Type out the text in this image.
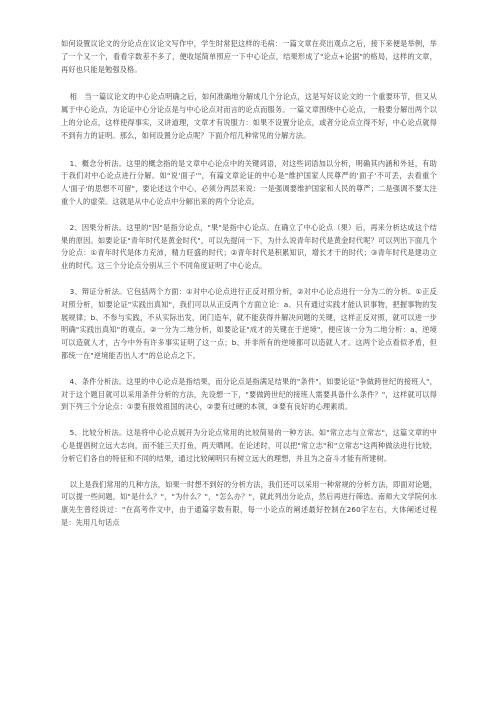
如何设置议论文的分论点在议论文写作中，学生时常犯这样的毛病：一篇文章在亮出观点之后，接下来便是举例，举了一个又一个，看看字数差不多了，便收尾简单照应一下中心论点，结果形成了"论点+论据"的格局，这样的文章，再好也只能是勉强及格。

相　当一篇议论文的中心论点明确之后，如何准确地分解成几个分论点，这是写好议论文的一个重要环节，但又从属于中心论点，为论证中心分论点是与中心论点对而言的论点而服务。一篇文章围绕中心论点，一般要分解出两个以上的分论点，这样使得事实，又讲道理，文章才有说服力：如果不设置分论点，或者分论点立得不好，中心论点就得不到有力的证明。那么，如何设置分论点呢？下面介绍几种常见的分解方法。

1、概念分析法。这里的概念指的是文章中心论点中的关键词语，对这些词语加以分析，明确其内涵和外延，有助于我们对中心论点进行分解。如"说'面子'"，有篇文章论证的中心是"维护国家人民尊严的'面子'不可丢，去看重个人'面子'的思想不可留"，要论述这个中心，必须分两层来说：一是强调要维护国家和人民的尊严；二是强调不要太注重个人的虚荣。这就是从中心论点中分解出来的两个分论点。

2、因果分析法。这里的"因"是指分论点，"果"是指中心论点。在确立了中心论点（果）后，再来分析达成这个结果的原因。如要论证"青年时代是黄金时代"，可以先提问一下，为什么说青年时代是黄金时代呢？可以列出下面几个分论点：①青年时代是体力充沛，精力旺盛的时代；②青年时代是积累知识，增长才干的时代；③青年时代是建功立业的时代。这三个分论点分别从三个不同角度证明了中心论点。

3、辩证分析法。它包括两个方面：①对中心论点进行正反对照分析，②对中心论点进行一分为二的分析。①正反对照分析，如要论证"实践出真知"，我们可以从正反两个方面立论：a、只有通过实践才能认识事物，把握事物的发展规律；b、不参与实践，不从实际出发，闭门造车，就不能获得并解决问题的关键，这样正反对照，就可以进一步明确"实践出真知"的观点。②一分为二地分析，如要论证"成才的关键在于逆境"，便应该一分为二地分析：a、逆境可以造就人才，古今中外有许多事实证明了这一点；b、并非所有的逆境都可以造就人才。这两个论点看似矛盾，但都统一在"逆境能否出人才"的总论点之下。

4、条件分析法。这里的中心论点是指结果，而分论点是指满足结果的"条件"。如要论证"争做跨世纪的接班人"，对于这个题目就可以采用条件分析的方法，先设想一下，"要做跨世纪的接班人需要具备什么条件？"，这样就可以得到下列三个分论点：①要有报效祖国的决心，②要有过硬的本领，③要有良好的心理素质。

5、比较分析法。这是将中心论点展开为分论点常用的比较简易的一种方法。如"常立志与立常志"，这篇文章的中心是提倡树立远大志向，而不能三天打鱼，两天晒网。在论述时，可以把"常立志"和"立常志"这两种做法进行比较，分析它们各自的特征和不同的结果，通过比较阐明只有树立远大的理想，并且为之奋斗才能有所建树。

以上是我们常用的几种方法，如果一时想不到好的分析方法，我们还可以采用一种常规的分析方法，即面对论题，可以提一些问题，如"是什么？"，"为什么？"，"怎么办？"，就此列出分论点，然后再进行筛选。南师大文学院何永康先生曾经说过："在高考作文中，由于通篇字数有限，每一小论点的阐述最好控制在260字左右，大体阐述过程是：先用几句话点
